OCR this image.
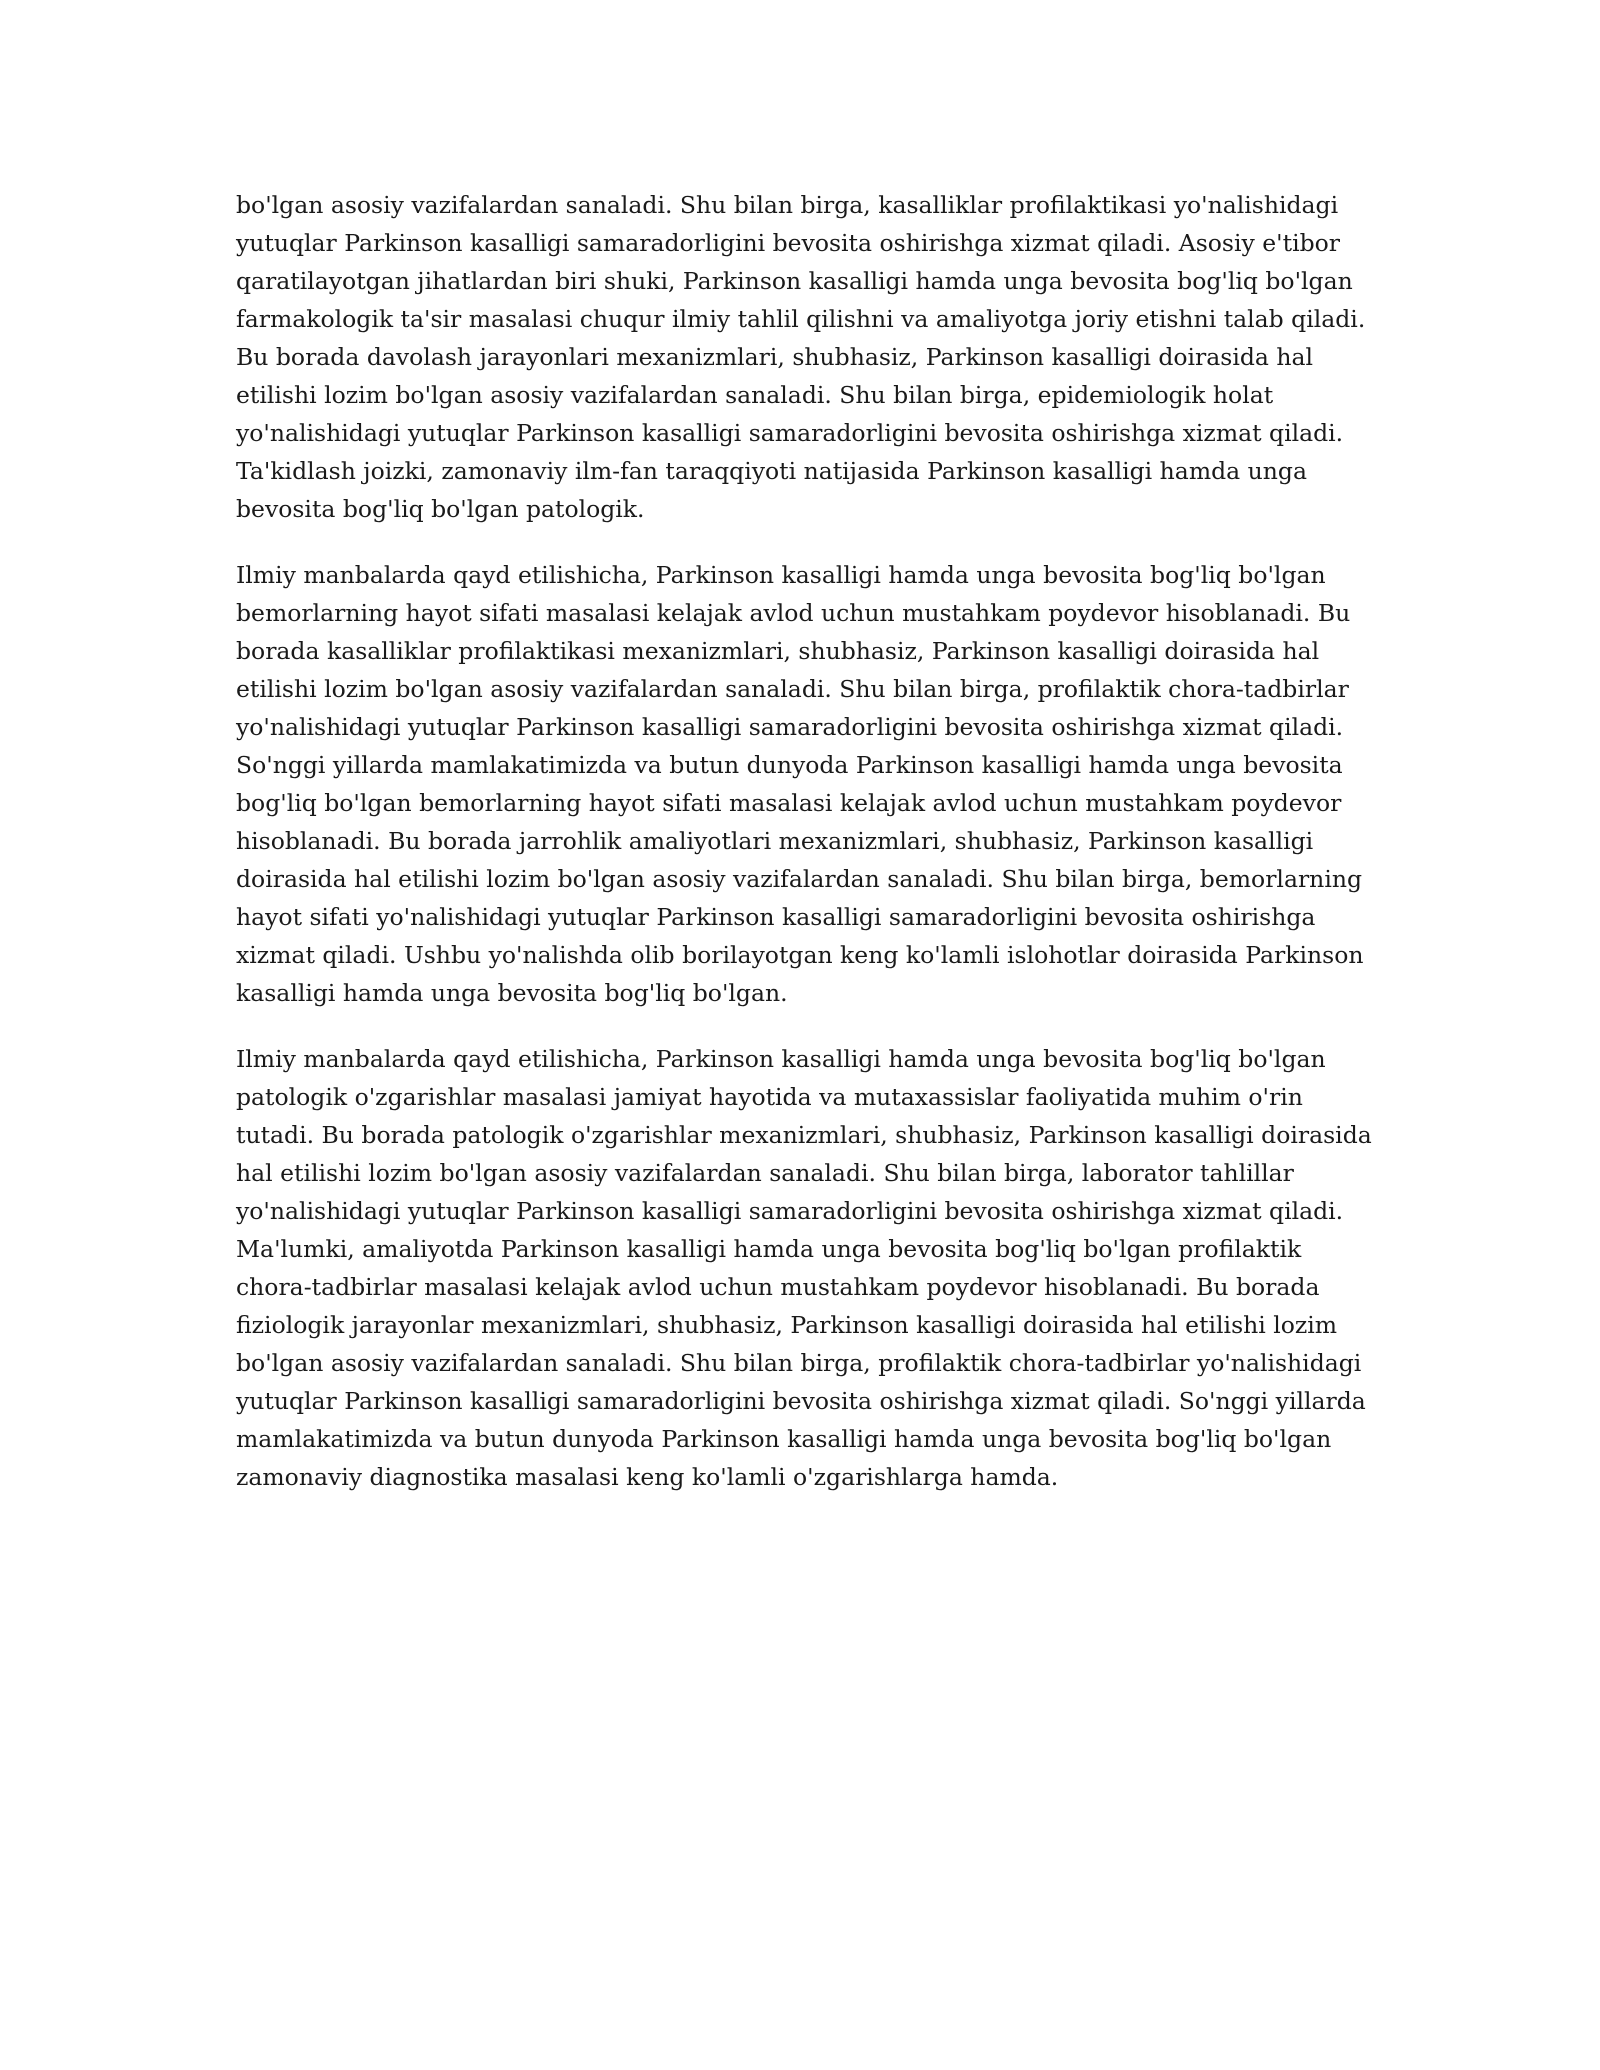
bo'lgan asosiy vazifalardan sanaladi. Shu bilan birga, kasalliklar profilaktikasi yo'nalishidagi
yutuqlar Parkinson kasalligi samaradorligini bevosita oshirishga xizmat qiladi. Asosiy e'tibor
qaratilayotgan jihatlardan biri shuki, Parkinson kasalligi hamda unga bevosita bog'liq bo'lgan
farmakologik ta'sir masalasi chuqur ilmiy tahlil qilishni va amaliyotga joriy etishni talab qiladi.
Bu borada davolash jarayonlari mexanizmlari, shubhasiz, Parkinson kasalligi doirasida hal
etilishi lozim bo'lgan asosiy vazifalardan sanaladi. Shu bilan birga, epidemiologik holat
yo'nalishidagi yutuqlar Parkinson kasalligi samaradorligini bevosita oshirishga xizmat qiladi.
Ta'kidlash joizki, zamonaviy ilm-fan taraqqiyoti natijasida Parkinson kasalligi hamda unga
bevosita bog'liq bo'lgan patologik.

Ilmiy manbalarda qayd etilishicha, Parkinson kasalligi hamda unga bevosita bog'liq bo'lgan
bemorlarning hayot sifati masalasi kelajak avlod uchun mustahkam poydevor hisoblanadi. Bu
borada kasalliklar profilaktikasi mexanizmlari, shubhasiz, Parkinson kasalligi doirasida hal
etilishi lozim bo'lgan asosiy vazifalardan sanaladi. Shu bilan birga, profilaktik chora-tadbirlar
yo'nalishidagi yutuqlar Parkinson kasalligi samaradorligini bevosita oshirishga xizmat qiladi.
So'nggi yillarda mamlakatimizda va butun dunyoda Parkinson kasalligi hamda unga bevosita
bog'liq bo'lgan bemorlarning hayot sifati masalasi kelajak avlod uchun mustahkam poydevor
hisoblanadi. Bu borada jarrohlik amaliyotlari mexanizmlari, shubhasiz, Parkinson kasalligi
doirasida hal etilishi lozim bo'lgan asosiy vazifalardan sanaladi. Shu bilan birga, bemorlarning
hayot sifati yo'nalishidagi yutuqlar Parkinson kasalligi samaradorligini bevosita oshirishga
xizmat qiladi. Ushbu yo'nalishda olib borilayotgan keng ko'lamli islohotlar doirasida Parkinson
kasalligi hamda unga bevosita bog'liq bo'lgan.

Ilmiy manbalarda qayd etilishicha, Parkinson kasalligi hamda unga bevosita bog'liq bo'lgan
patologik o'zgarishlar masalasi jamiyat hayotida va mutaxassislar faoliyatida muhim o'rin
tutadi. Bu borada patologik o'zgarishlar mexanizmlari, shubhasiz, Parkinson kasalligi doirasida
hal etilishi lozim bo'lgan asosiy vazifalardan sanaladi. Shu bilan birga, laborator tahlillar
yo'nalishidagi yutuqlar Parkinson kasalligi samaradorligini bevosita oshirishga xizmat qiladi.
Ma'lumki, amaliyotda Parkinson kasalligi hamda unga bevosita bog'liq bo'lgan profilaktik
chora-tadbirlar masalasi kelajak avlod uchun mustahkam poydevor hisoblanadi. Bu borada
fiziologik jarayonlar mexanizmlari, shubhasiz, Parkinson kasalligi doirasida hal etilishi lozim
bo'lgan asosiy vazifalardan sanaladi. Shu bilan birga, profilaktik chora-tadbirlar yo'nalishidagi
yutuqlar Parkinson kasalligi samaradorligini bevosita oshirishga xizmat qiladi. So'nggi yillarda
mamlakatimizda va butun dunyoda Parkinson kasalligi hamda unga bevosita bog'liq bo'lgan
zamonaviy diagnostika masalasi keng ko'lamli o'zgarishlarga hamda.
